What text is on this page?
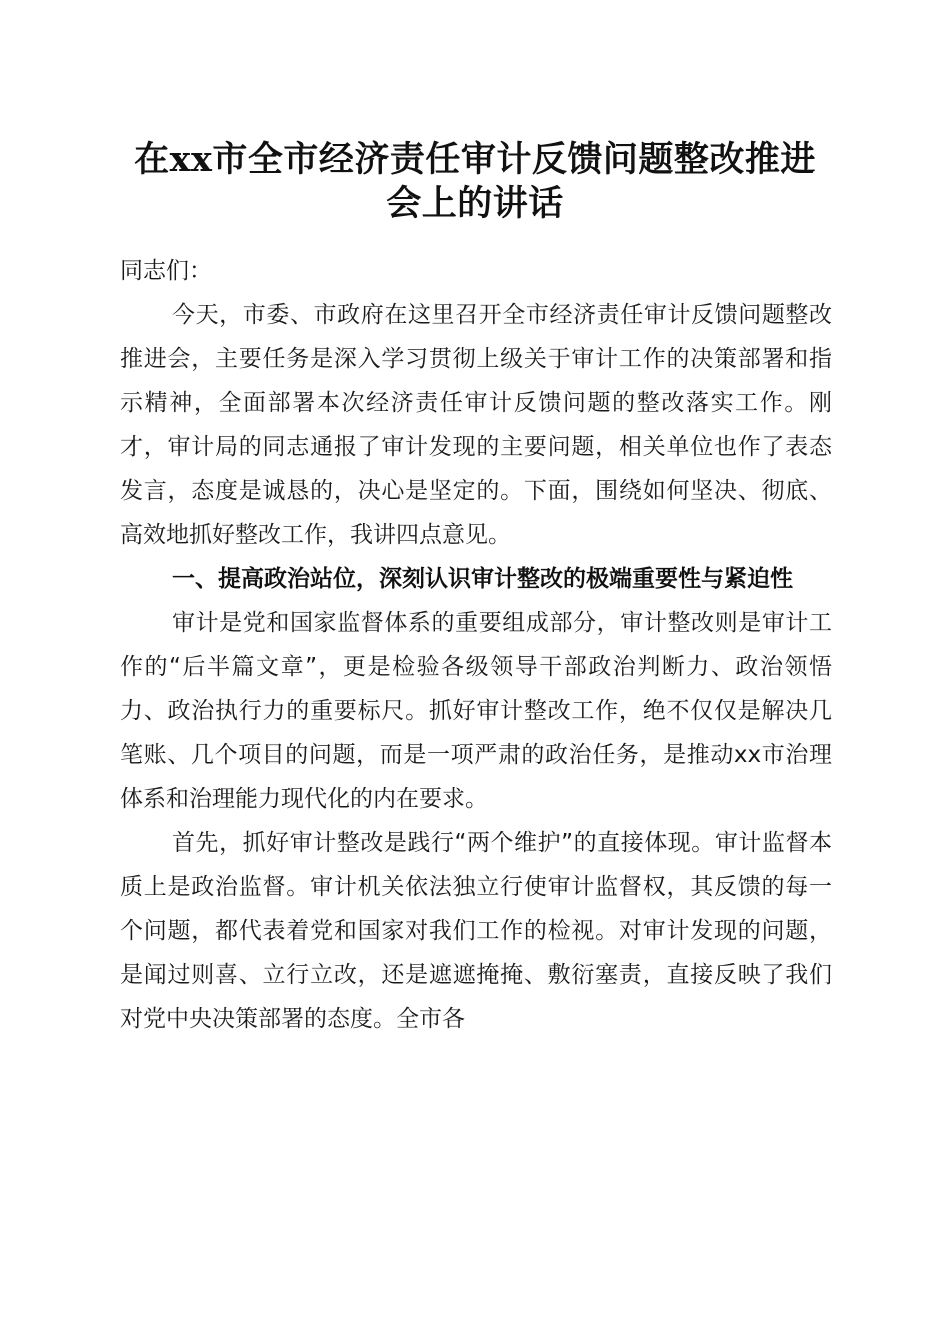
在xx市全市经济责任审计反馈问题整改推进
会上的讲话

同志们：

今天，市委、市政府在这里召开全市经济责任审计反馈问题整改推进会，主要任务是深入学习贯彻上级关于审计工作的决策部署和指示精神，全面部署本次经济责任审计反馈问题的整改落实工作。刚才，审计局的同志通报了审计发现的主要问题，相关单位也作了表态发言，态度是诚恳的，决心是坚定的。下面，围绕如何坚决、彻底、高效地抓好整改工作，我讲四点意见。

一、提高政治站位，深刻认识审计整改的极端重要性与紧迫性

审计是党和国家监督体系的重要组成部分，审计整改则是审计工作的“后半篇文章”，更是检验各级领导干部政治判断力、政治领悟力、政治执行力的重要标尺。抓好审计整改工作，绝不仅仅是解决几笔账、几个项目的问题，而是一项严肃的政治任务，是推动xx市治理体系和治理能力现代化的内在要求。

首先，抓好审计整改是践行“两个维护”的直接体现。审计监督本质上是政治监督。审计机关依法独立行使审计监督权，其反馈的每一个问题，都代表着党和国家对我们工作的检视。对审计发现的问题，是闻过则喜、立行立改，还是遮遮掩掩、敷衍塞责，直接反映了我们对党中央决策部署的态度。全市各
